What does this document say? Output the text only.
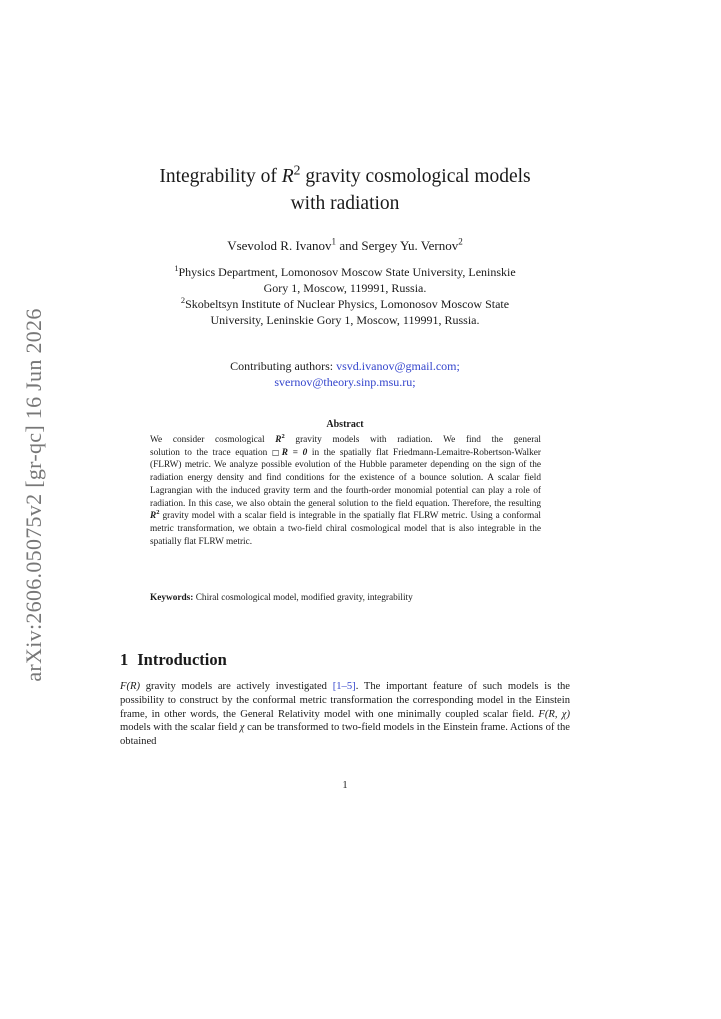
arXiv:2606.05075v2 [gr-qc] 16 Jun 2026
Integrability of $R^2$ gravity cosmological models
with radiation
Vsevolod R. Ivanov$^1$ and Sergey Yu. Vernov$^2$
$^1$Physics Department, Lomonosov Moscow State University, Leninskie
Gory 1, Moscow, 119991, Russia.
$^2$Skobeltsyn Institute of Nuclear Physics, Lomonosov Moscow State
University, Leninskie Gory 1, Moscow, 119991, Russia.
Contributing authors: vsvd.ivanov@gmail.com;
svernov@theory.sinp.msu.ru;
Abstract
We consider cosmological $R^2$ gravity models with radiation. We find the general
solution to the trace equation □R = 0 in the spatially flat Friedmann-Lemaitre-Robertson-Walker (FLRW) metric. We analyze possible evolution of the Hubble parameter depending on the sign of the radiation energy density and find conditions for the existence of a bounce solution. A scalar field Lagrangian with the induced gravity term and the fourth-order monomial potential can play a role of radiation. In this case, we also obtain the general solution to the field equation. Therefore, the resulting $R^2$ gravity model with a scalar field is integrable in the spatially flat FLRW metric. Using a conformal metric transformation, we obtain a two-field chiral cosmological model that is also integrable in the spatially flat FLRW metric.
Keywords: Chiral cosmological model, modified gravity, integrability
1 Introduction
F(R) gravity models are actively investigated [1–5]. The important feature of such models is the possibility to construct by the conformal metric transformation the corresponding model in the Einstein frame, in other words, the General Relativity model with one minimally coupled scalar field. F(R, χ) models with the scalar field χ can be transformed to two-field models in the Einstein frame. Actions of the obtained
1
